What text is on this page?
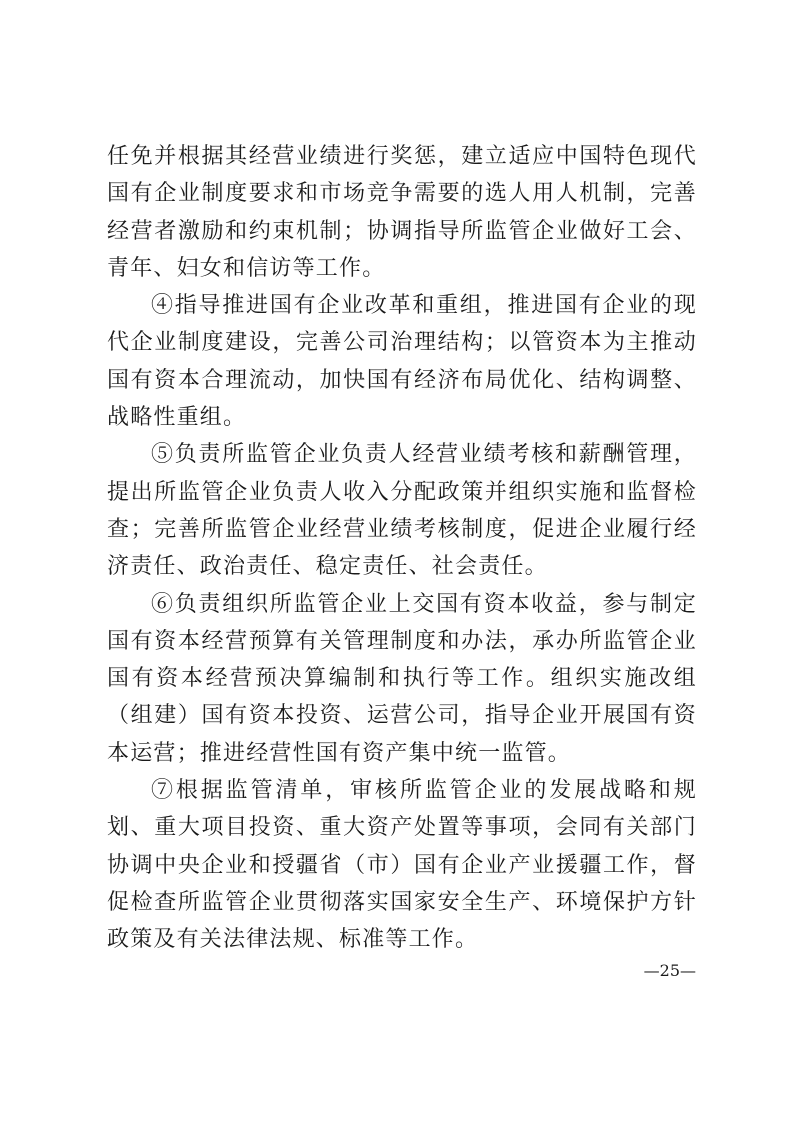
任免并根据其经营业绩进行奖惩，建立适应中国特色现代国有企业制度要求和市场竞争需要的选人用人机制，完善经营者激励和约束机制；协调指导所监管企业做好工会、青年、妇女和信访等工作。

④指导推进国有企业改革和重组，推进国有企业的现代企业制度建设，完善公司治理结构；以管资本为主推动国有资本合理流动，加快国有经济布局优化、结构调整、战略性重组。

⑤负责所监管企业负责人经营业绩考核和薪酬管理，提出所监管企业负责人收入分配政策并组织实施和监督检查；完善所监管企业经营业绩考核制度，促进企业履行经济责任、政治责任、稳定责任、社会责任。

⑥负责组织所监管企业上交国有资本收益，参与制定国有资本经营预算有关管理制度和办法，承办所监管企业国有资本经营预决算编制和执行等工作。组织实施改组（组建）国有资本投资、运营公司，指导企业开展国有资本运营；推进经营性国有资产集中统一监管。

⑦根据监管清单，审核所监管企业的发展战略和规划、重大项目投资、重大资产处置等事项，会同有关部门协调中央企业和授疆省（市）国有企业产业援疆工作，督促检查所监管企业贯彻落实国家安全生产、环境保护方针政策及有关法律法规、标准等工作。

—25—
